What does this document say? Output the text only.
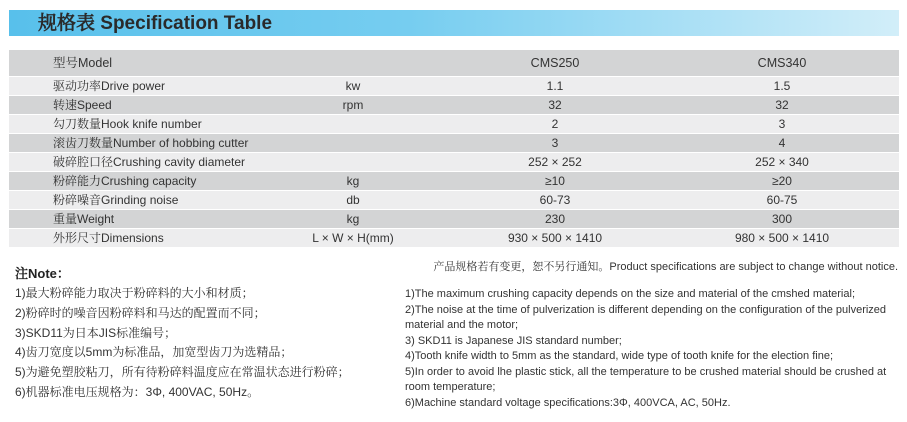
规格表 Specification Table
型号Model		CMS250	CMS340
驱动功率Drive power	kw	1.1	1.5
转速Speed	rpm	32	32
勾刀数量Hook knife number		2	3
滚齿刀数量Number of hobbing cutter		3	4
破碎腔口径Crushing cavity diameter		252 × 252	252 × 340
粉碎能力Crushing capacity	kg	≥10	≥20
粉碎噪音Grinding noise	db	60-73	60-75
重量Weight	kg	230	300
外形尺寸Dimensions	L × W × H(mm)	930 × 500 × 1410	980 × 500 × 1410
注Note：	产品规格若有变更，恕不另行通知。Product specifications are subject to change without notice.
1)最大粉碎能力取决于粉碎料的大小和材质；
2)粉碎时的噪音因粉碎料和马达的配置而不同；
3)SKD11为日本JIS标准编号；
4)齿刀宽度以5mm为标准品，加宽型齿刀为选精品；
5)为避免塑胶粘刀，所有待粉碎料温度应在常温状态进行粉碎；
6)机器标准电压规格为：3Φ, 400VAC, 50Hz。
1)The maximum crushing capacity depends on the size and material of the cmshed material;
2)The noise at the time of pulverization is different depending on the configuration of the pulverized material and the motor;
3) SKD11 is Japanese JIS standard number;
4)Tooth knife width to 5mm as the standard, wide type of tooth knife for the election fine;
5)In order to avoid lhe plastic stick, all the temperature to be crushed material should be crushed at room temperature;
6)Machine standard voltage specifications:3Φ, 400VCA, AC, 50Hz.
